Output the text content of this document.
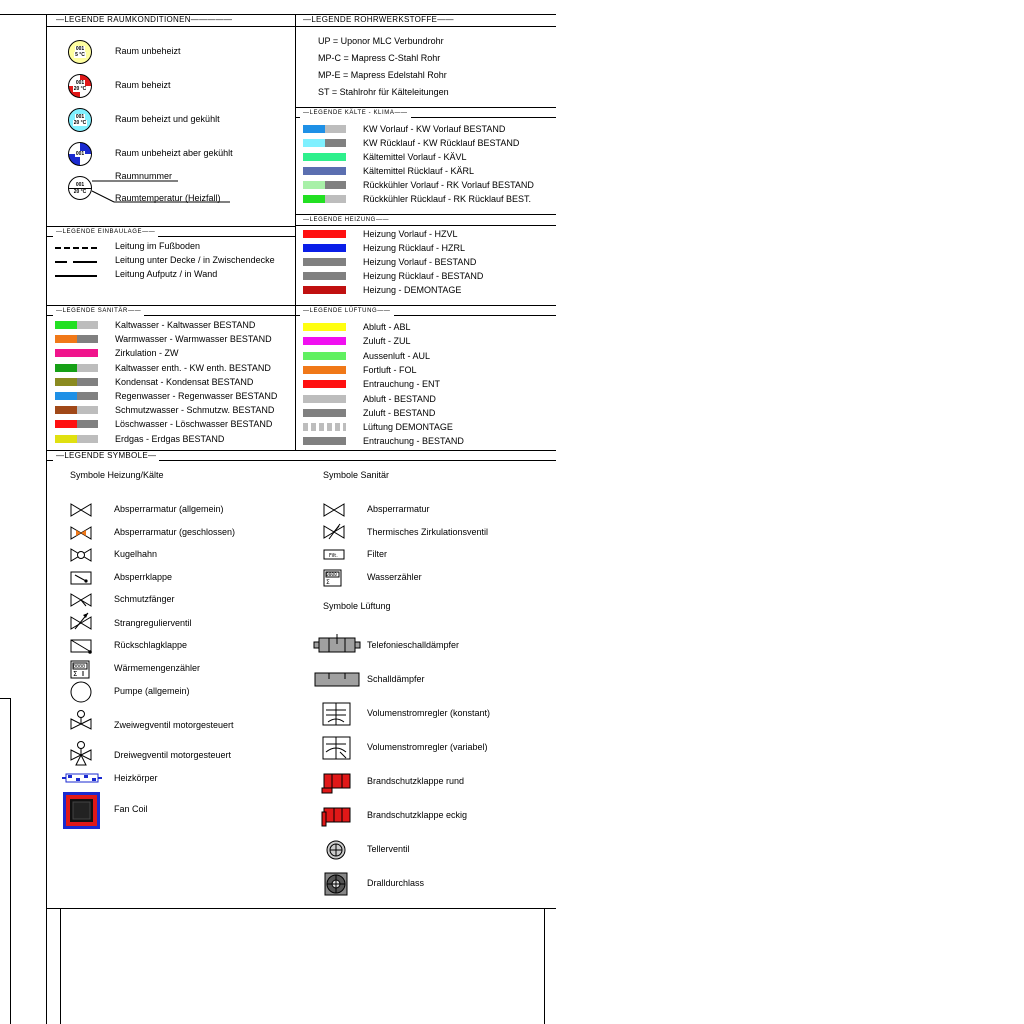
—LEGENDE RAUMKONDITIONEN—————	—LEGENDE ROHRWERKSTOFFE——
—LEGENDE KÄLTE - KLIMA——
—LEGENDE HEIZUNG——
—LEGENDE EINBAULAGE——
—LEGENDE SANITÄR——	—LEGENDE LÜFTUNG——
—LEGENDE SYMBOLE—
001
5 °C	Raum unbeheizt
001
20 °C	Raum beheizt
001
20 °C	Raum beheizt und gekühlt
001	Raum unbeheizt aber gekühlt
001
20 °C
Raumnummer
Raumtemperatur (Heizfall)
UP = Uponor MLC Verbundrohr
MP-C = Mapress C-Stahl Rohr
MP-E = Mapress Edelstahl Rohr
ST = Stahlrohr für Kälteleitungen
KW Vorlauf - KW Vorlauf BESTAND
KW Rücklauf - KW Rücklauf BESTAND
Kältemittel Vorlauf - KÄVL
Kältemittel Rücklauf - KÄRL
Rückkühler Vorlauf - RK Vorlauf BESTAND
Rückkühler Rücklauf - RK Rücklauf BEST.
Leitung im Fußboden
Leitung unter Decke / in Zwischendecke
Leitung Aufputz / in Wand
Heizung Vorlauf - HZVL
Heizung Rücklauf - HZRL
Heizung Vorlauf - BESTAND
Heizung Rücklauf - BESTAND
Heizung - DEMONTAGE
Kaltwasser - Kaltwasser BESTAND
Warmwasser - Warmwasser BESTAND
Zirkulation - ZW
Kaltwasser enth. - KW enth. BESTAND
Kondensat - Kondensat BESTAND
Regenwasser - Regenwasser BESTAND
Schmutzwasser - Schmutzw. BESTAND
Löschwasser - Löschwasser BESTAND
Erdgas - Erdgas BESTAND
Abluft - ABL
Zuluft - ZUL
Aussenluft - AUL
Fortluft - FOL
Entrauchung - ENT
Abluft - BESTAND
Zuluft - BESTAND
Lüftung DEMONTAGE
Entrauchung - BESTAND
Symbole Heizung/Kälte	Symbole Sanitär
Symbole Lüftung
Absperrarmatur (allgemein)
Absperrarmatur (geschlossen)
Kugelhahn
Absperrklappe
Schmutzfänger
Strangregulierventil
Rückschlagklappe
0000
Σ
Wärmemengenzähler
Pumpe (allgemein)
Zweiwegventil motorgesteuert
Dreiwegventil motorgesteuert
Heizkörper
Fan Coil
Absperrarmatur
Thermisches Zirkulationsventil
Filt.	Filter
0000
Σ
Wasserzähler
Telefonieschalldämpfer
Schalldämpfer
Volumenstromregler (konstant)
Volumenstromregler (variabel)
Brandschutzklappe rund
Brandschutzklappe eckig
Tellerventil
Dralldurchlass
